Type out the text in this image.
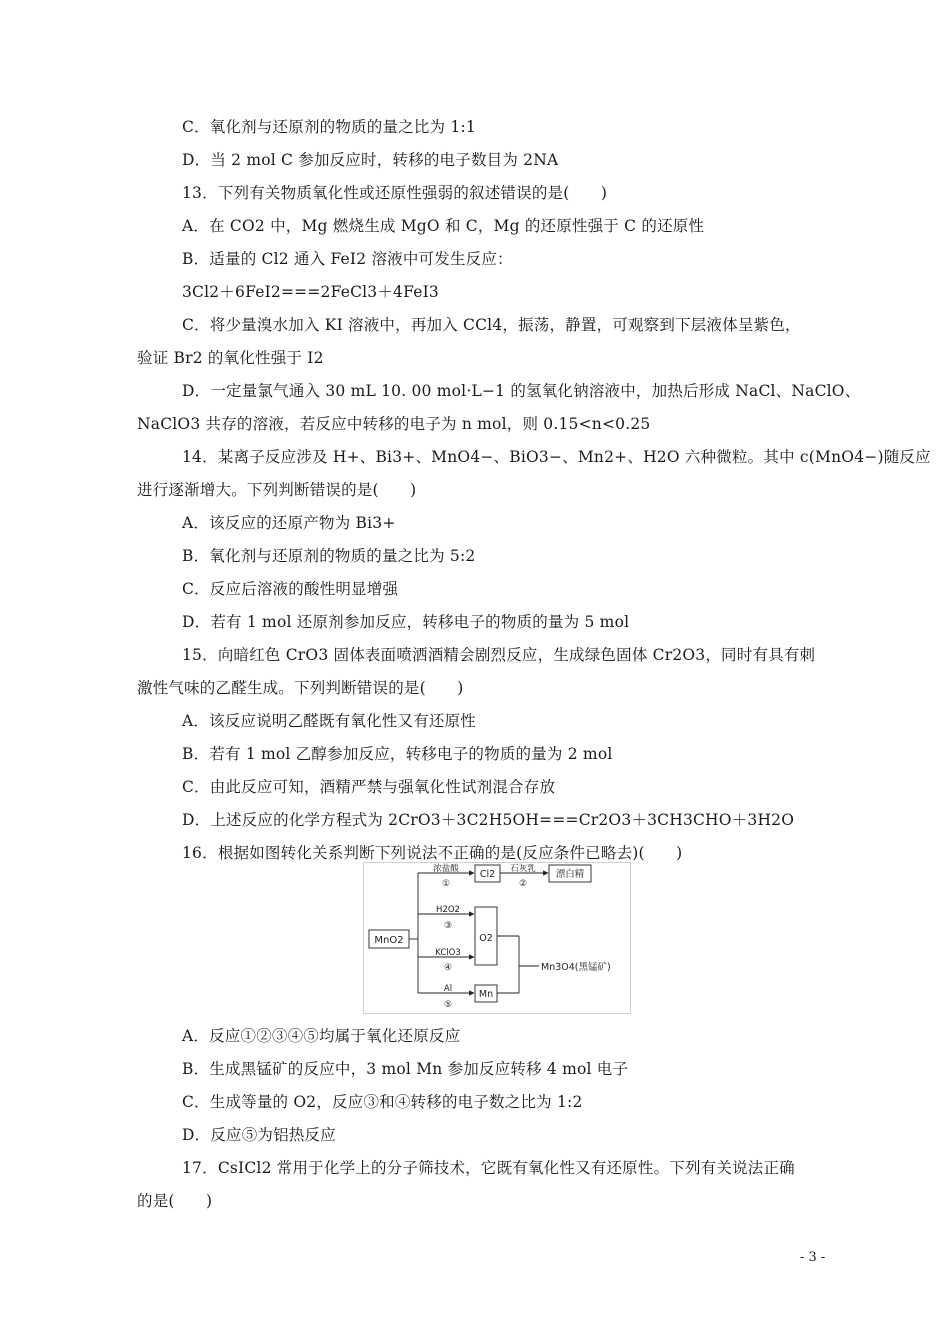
C．氧化剂与还原剂的物质的量之比为 1:1
D．当 2 mol C 参加反应时，转移的电子数目为 2NA
13．下列有关物质氧化性或还原性强弱的叙述错误的是(　　)
A．在 CO2 中，Mg 燃烧生成 MgO 和 C，Mg 的还原性强于 C 的还原性
B．适量的 Cl2 通入 FeI2 溶液中可发生反应：
3Cl2＋6FeI2===2FeCl3＋4FeI3
C．将少量溴水加入 KI 溶液中，再加入 CCl4，振荡，静置，可观察到下层液体呈紫色，
验证 Br2 的氧化性强于 I2
D．一定量氯气通入 30 mL 10. 00 mol·L−1 的氢氧化钠溶液中，加热后形成 NaCl、NaClO、
NaClO3 共存的溶液，若反应中转移的电子为 n mol，则 0.15<n<0.25
14．某离子反应涉及 H+、Bi3+、MnO4−、BiO3−、Mn2+、H2O 六种微粒。其中 c(MnO4−)随反应
进行逐渐增大。下列判断错误的是(　　)
A．该反应的还原产物为 Bi3+
B．氧化剂与还原剂的物质的量之比为 5:2
C．反应后溶液的酸性明显增强
D．若有 1 mol 还原剂参加反应，转移电子的物质的量为 5 mol
15．向暗红色 CrO3 固体表面喷洒酒精会剧烈反应，生成绿色固体 Cr2O3，同时有具有刺
激性气味的乙醛生成。下列判断错误的是(　　)
A．该反应说明乙醛既有氧化性又有还原性
B．若有 1 mol 乙醇参加反应，转移电子的物质的量为 2 mol
C．由此反应可知，酒精严禁与强氧化性试剂混合存放
D．上述反应的化学方程式为 2CrO3＋3C2H5OH===Cr2O3＋3CH3CHO＋3H2O
16．根据如图转化关系判断下列说法不正确的是(反应条件已略去)(　　)
MnO2
浓盐酸
①
Cl2 石灰乳
②
漂白精
H2O2
③
KClO3
④
O2
Al
⑤
Mn
Mn3O4(黑锰矿)
A．反应①②③④⑤均属于氧化还原反应
B．生成黑锰矿的反应中，3 mol Mn 参加反应转移 4 mol 电子
C．生成等量的 O2，反应③和④转移的电子数之比为 1:2
D．反应⑤为铝热反应
17．CsICl2 常用于化学上的分子筛技术，它既有氧化性又有还原性。下列有关说法正确
的是(　　)
- 3 -
